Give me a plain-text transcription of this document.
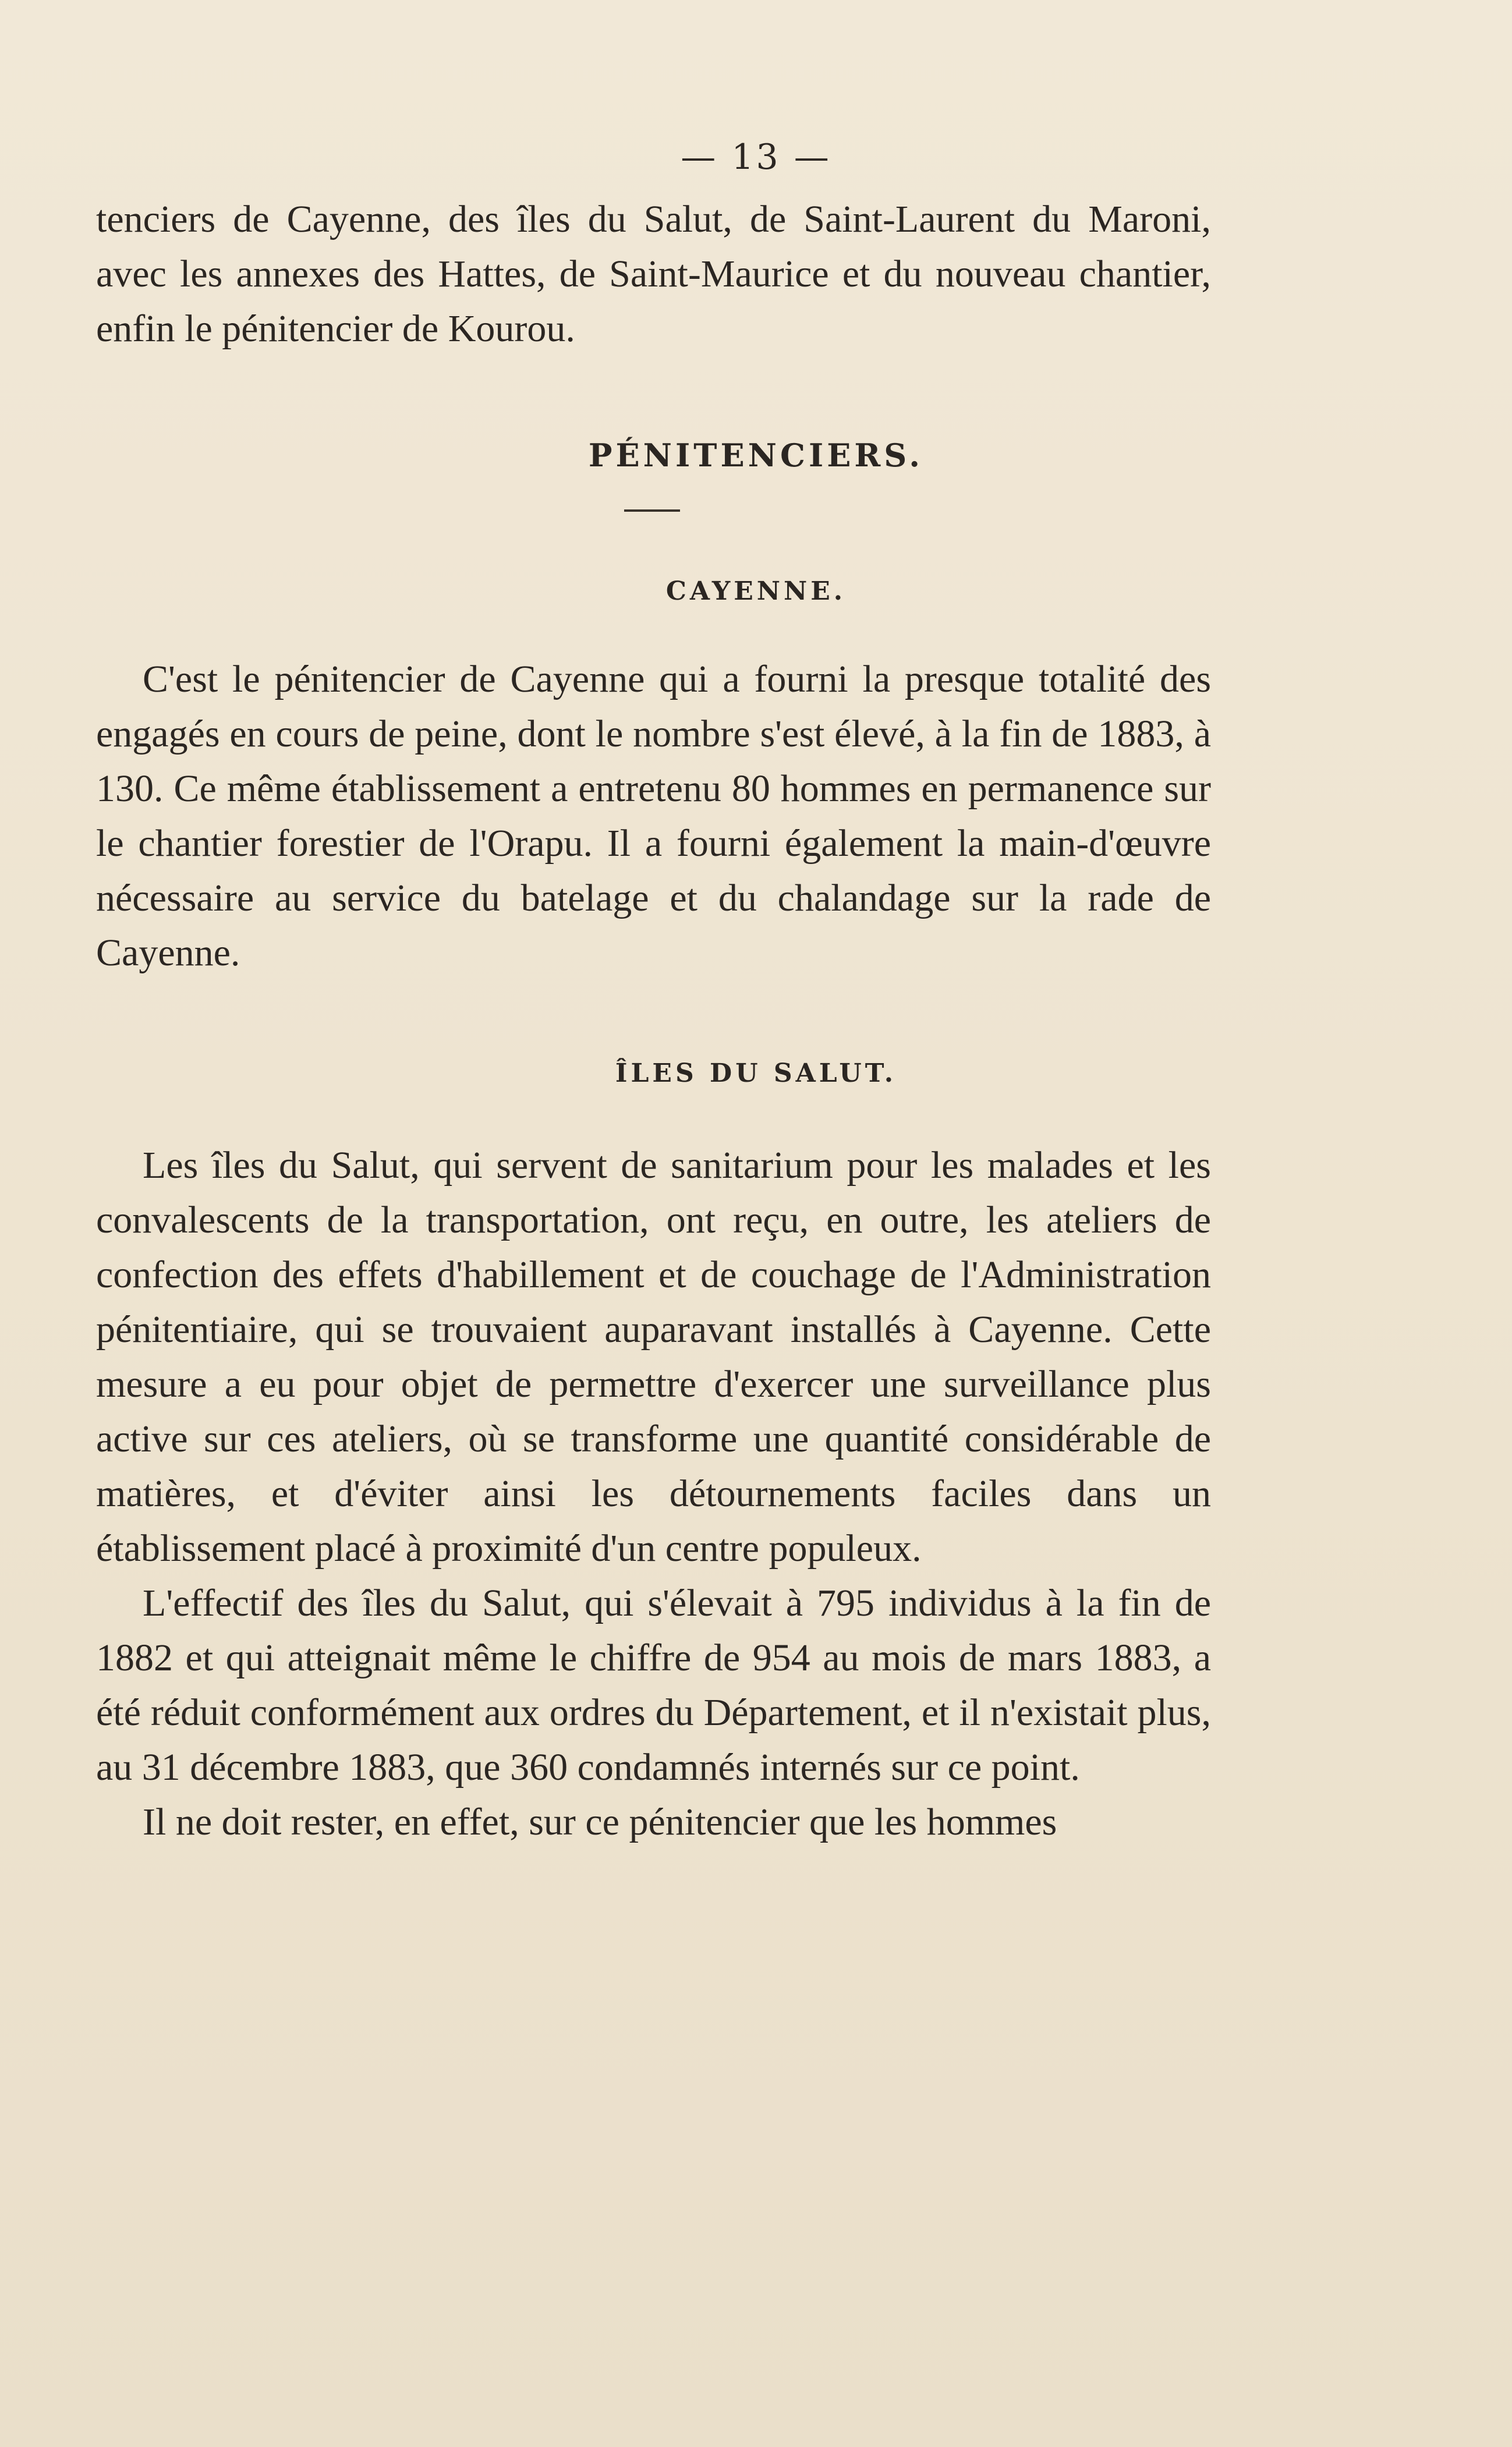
— 13 —

tenciers de Cayenne, des îles du Salut, de Saint-Laurent du Maroni, avec les annexes des Hattes, de Saint-Maurice et du nouveau chantier, enfin le pénitencier de Kourou.

PÉNITENCIERS.
CAYENNE.

C'est le pénitencier de Cayenne qui a fourni la presque totalité des engagés en cours de peine, dont le nombre s'est élevé, à la fin de 1883, à 130. Ce même établissement a entretenu 80 hommes en permanence sur le chantier forestier de l'Orapu. Il a fourni également la main-d'œuvre nécessaire au service du batelage et du chalandage sur la rade de Cayenne.

ÎLES DU SALUT.

Les îles du Salut, qui servent de sanitarium pour les malades et les convalescents de la transportation, ont reçu, en outre, les ateliers de confection des effets d'habillement et de couchage de l'Administration pénitentiaire, qui se trouvaient auparavant installés à Cayenne. Cette mesure a eu pour objet de permettre d'exercer une surveillance plus active sur ces ateliers, où se transforme une quantité considérable de matières, et d'éviter ainsi les détournements faciles dans un établissement placé à proximité d'un centre populeux.

L'effectif des îles du Salut, qui s'élevait à 795 individus à la fin de 1882 et qui atteignait même le chiffre de 954 au mois de mars 1883, a été réduit conformément aux ordres du Département, et il n'existait plus, au 31 décembre 1883, que 360 condamnés internés sur ce point.

Il ne doit rester, en effet, sur ce pénitencier que les hommes
